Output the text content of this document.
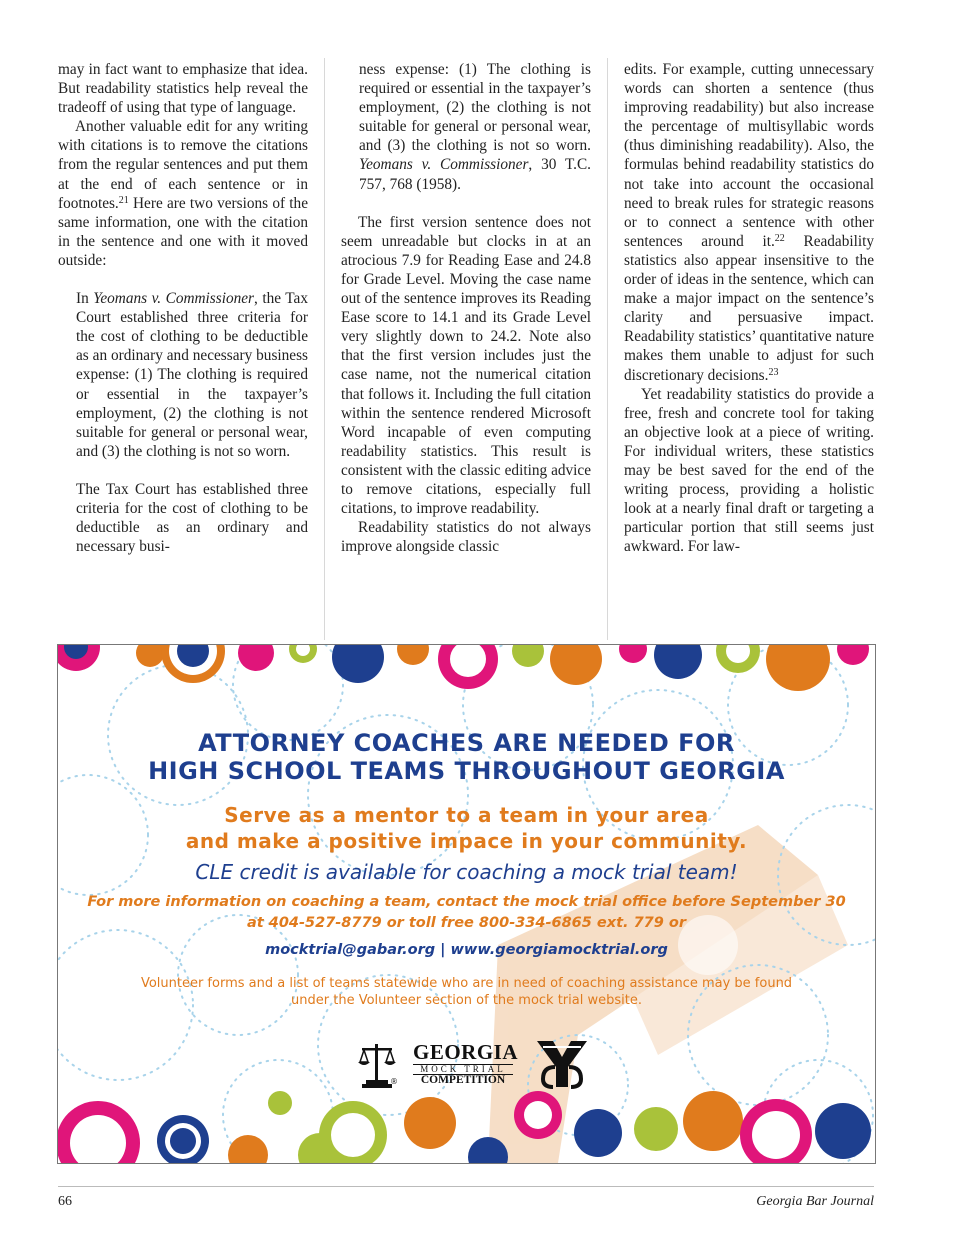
may in fact want to emphasize that idea. But readability statistics help reveal the tradeoff of using that type of language.

Another valuable edit for any writing with citations is to remove the citations from the regular sentences and put them at the end of each sentence or in footnotes.$^{21}$ Here are two versions of the same information, one with the citation in the sentence and one with it moved outside:

In Yeomans v. Commissioner, the Tax Court established three criteria for the cost of clothing to be deductible as an ordinary and necessary business expense: (1) The clothing is required or essential in the taxpayer’s employment, (2) the clothing is not suitable for general or personal wear, and (3) the clothing is not so worn.

The Tax Court has established three criteria for the cost of clothing to be deductible as an ordinary and necessary busi-

ness expense: (1) The clothing is required or essential in the taxpayer’s employment, (2) the clothing is not suitable for general or personal wear, and (3) the clothing is not so worn. Yeomans v. Commissioner, 30 T.C. 757, 768 (1958).

The first version sentence does not seem unreadable but clocks in at an atrocious 7.9 for Reading Ease and 24.8 for Grade Level. Moving the case name out of the sentence improves its Reading Ease score to 14.1 and its Grade Level very slightly down to 24.2. Note also that the first version includes just the case name, not the numerical citation that follows it. Including the full citation within the sentence rendered Microsoft Word incapable of even computing readability statistics. This result is consistent with the classic editing advice to remove citations, especially full citations, to improve readability.

Readability statistics do not always improve alongside classic

edits. For example, cutting unnecessary words can shorten a sentence (thus improving readability) but also increase the percentage of multisyllabic words (thus diminishing readability). Also, the formulas behind readability statistics do not take into account the occasional need to break rules for strategic reasons or to connect a sentence with other sentences around it.$^{22}$ Readability statistics also appear insensitive to the order of ideas in the sentence, which can make a major impact on the sentence’s clarity and persuasive impact. Readability statistics’ quantitative nature makes them unable to adjust for such discretionary decisions.$^{23}$

Yet readability statistics do provide a free, fresh and concrete tool for taking an objective look at a piece of writing. For individual writers, these statistics may be best saved for the end of the writing process, providing a holistic look at a nearly final draft or targeting a particular portion that still seems just awkward. For law-

ATTORNEY COACHES ARE NEEDED FOR

HIGH SCHOOL TEAMS THROUGHOUT GEORGIA

Serve as a mentor to a team in your area

and make a positive impace in your community.

CLE credit is available for coaching a mock trial team!

For more information on coaching a team, contact the mock trial office before September 30

at 404-527-8779 or toll free 800-334-6865 ext. 779 or

mocktrial@gabar.org | www.georgiamocktrial.org

Volunteer forms and a list of teams statewide who are in need of coaching assistance may be found

under the Volunteer section of the mock trial website.

®
GEORGIA
MOCK TRIAL
COMPETITION
66	Georgia Bar Journal
